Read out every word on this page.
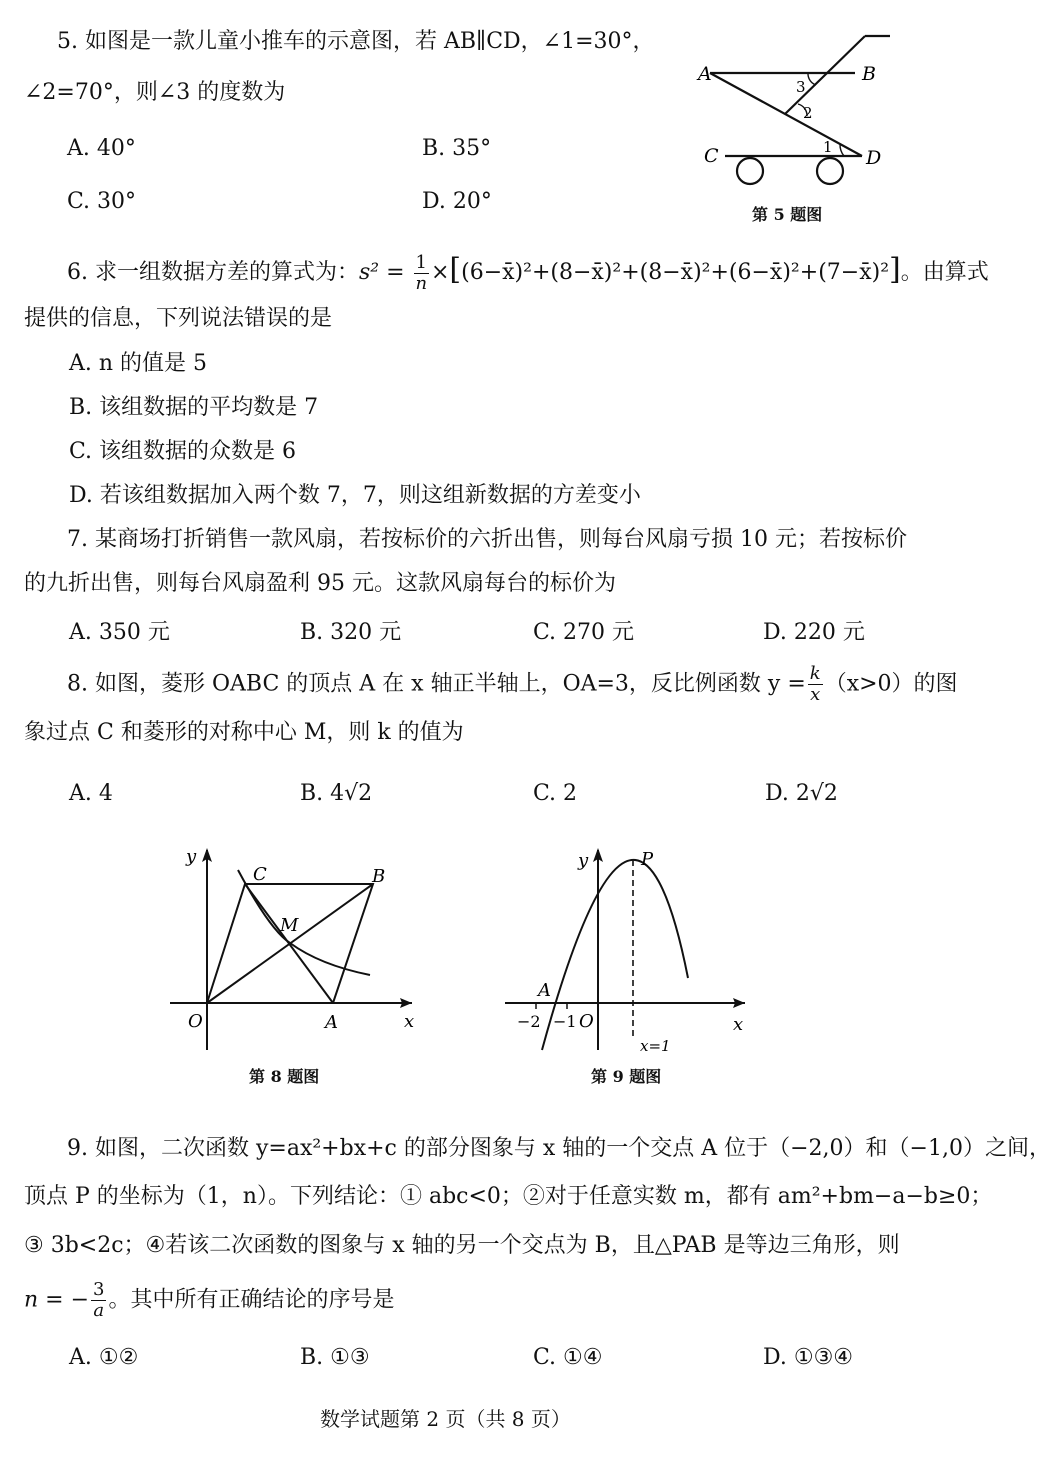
5. 如图是一款儿童小推车的示意图，若 AB∥CD，∠1=30°，
∠2=70°，则∠3 的度数为
A. 40°	B. 35°
C. 30°	D. 20°
A	B
C	D
1
2
3
第 5 题图
6. 求一组数据方差的算式为：$s^2 = \frac{1}{n}$ ×[(6−x̄)²+(8−x̄)²+(8−x̄)²+(6−x̄)²+(7−x̄)²]。由算式
提供的信息，下列说法错误的是
A. n 的值是 5
B. 该组数据的平均数是 7
C. 该组数据的众数是 6
D. 若该组数据加入两个数 7，7，则这组新数据的方差变小
7. 某商场打折销售一款风扇，若按标价的六折出售，则每台风扇亏损 10 元；若按标价
的九折出售，则每台风扇盈利 95 元。这款风扇每台的标价为
A. 350 元	B. 320 元	C. 270 元	D. 220 元
8. 如图，菱形 OABC 的顶点 A 在 x 轴正半轴上，OA=3，反比例函数 $y = \frac{k}{x} (x>0)$的图
象过点 C 和菱形的对称中心 M，则 k 的值为
A. 4	B. 4√2	C. 2	D. 2√2
y
x
O	A
B
C
M
第 8 题图
y
x
P
A
−2 −1 O
x=1
第 9 题图
9. 如图，二次函数 y=ax²+bx+c 的部分图象与 x 轴的一个交点 A 位于（−2,0）和（−1,0）之间，
顶点 P 的坐标为（1，n）。下列结论：① abc<0；②对于任意实数 m，都有 am²+bm−a−b≥0；
③ 3b<2c；④若该二次函数的图象与 x 轴的另一个交点为 B，且△PAB 是等边三角形，则
n = − $\frac{3}{a}$ 。其中所有正确结论的序号是
A. ①②	B. ①③	C. ①④	D. ①③④
数学试题第 2 页（共 8 页）
